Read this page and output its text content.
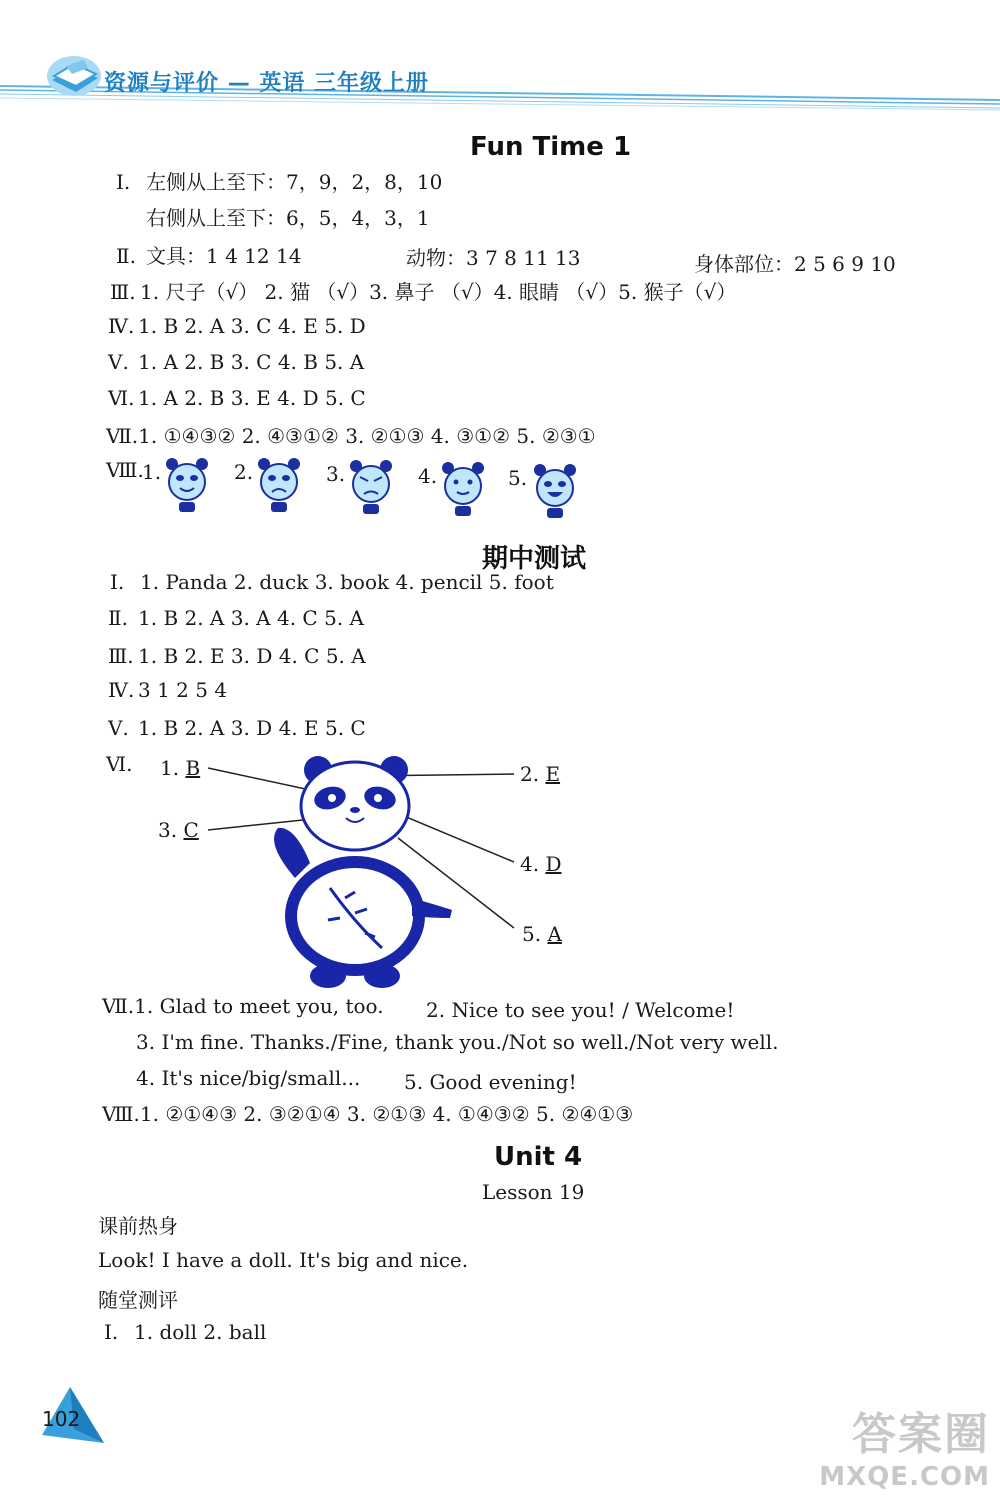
资源与评价 — 英语 三年级上册
Fun Time 1
Ⅰ. 左侧从上至下：7，9，2，8，10
右侧从上至下：6，5，4，3，1
Ⅱ. 文具：1 4 12 14	动物：3 7 8 11 13	身体部位：2 5 6 9 10
Ⅲ. 1. 尺子（√） 2. 猫 （√）3. 鼻子 （√）4. 眼睛 （√）5. 猴子（√）
Ⅳ. 1. B 2. A 3. C 4. E 5. D
Ⅴ. 1. A 2. B 3. C 4. B 5. A
Ⅵ. 1. A 2. B 3. E 4. D 5. C
Ⅶ.1. ①④③② 2. ④③①② 3. ②①③ 4. ③①② 5. ②③①
Ⅷ.
1.	2.	3.	4.	5.
期中测试
Ⅰ. 1. Panda 2. duck 3. book 4. pencil 5. foot
Ⅱ. 1. B 2. A 3. A 4. C 5. A
Ⅲ. 1. B 2. E 3. D 4. C 5. A
Ⅳ. 3 1 2 5 4
Ⅴ. 1. B 2. A 3. D 4. E 5. C
Ⅵ. 1. B	2. E
3. C
4. D
5. A
Ⅶ.1. Glad to meet you, too. 2. Nice to see you! / Welcome!
3. I'm fine. Thanks./Fine, thank you./Not so well./Not very well.
4. It's nice/big/small... 5. Good evening!
Ⅷ.1. ②①④③ 2. ③②①④ 3. ②①③ 4. ①④③② 5. ②④①③
Unit 4
Lesson 19
课前热身
Look! I have a doll. It's big and nice.
随堂测评
Ⅰ. 1. doll 2. ball
102	答案圈
MXQE.COM
